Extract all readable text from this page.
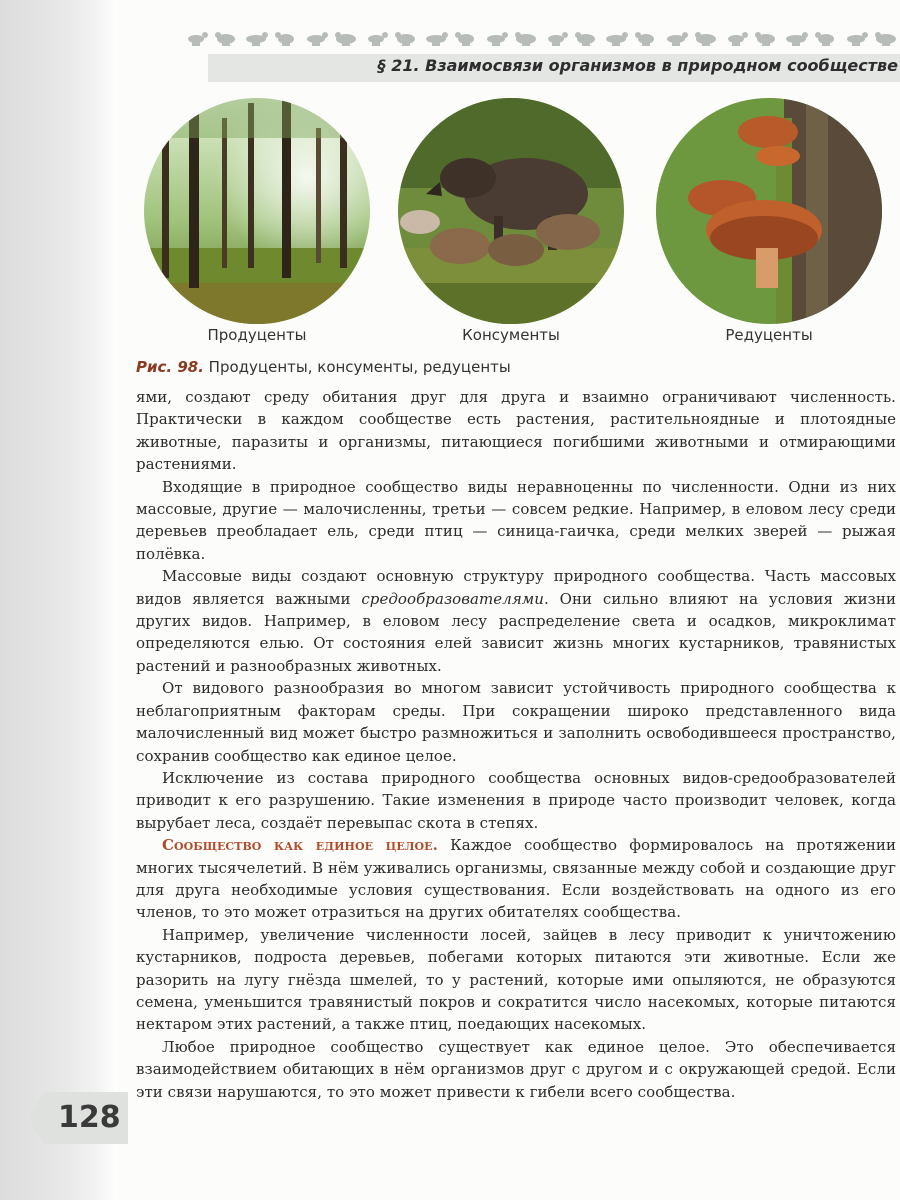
§ 21. Взаимосвязи организмов в природном сообществе
Продуценты	Консументы	Редуценты
Рис. 98. Продуценты, консументы, редуценты

ями, создают среду обитания друг для друга и взаимно ограничивают численность. Практически в каждом сообществе есть растения, растительноядные и плотоядные животные, паразиты и организмы, питающиеся погибшими животными и отмирающими растениями.

Входящие в природное сообщество виды неравноценны по численности. Одни из них массовые, другие — малочисленны, третьи — совсем редкие. Например, в еловом лесу среди деревьев преобладает ель, среди птиц — синица-гаичка, среди мелких зверей — рыжая полёвка.

Массовые виды создают основную структуру природного сообщества. Часть массовых видов является важными средообразователями. Они сильно влияют на условия жизни других видов. Например, в еловом лесу распределение света и осадков, микроклимат определяются елью. От состояния елей зависит жизнь многих кустарников, травянистых растений и разнообразных животных.

От видового разнообразия во многом зависит устойчивость природного сообщества к неблагоприятным факторам среды. При сокращении широко представленного вида малочисленный вид может быстро размножиться и заполнить освободившееся пространство, сохранив сообщество как единое целое.

Исключение из состава природного сообщества основных видов-средообразователей приводит к его разрушению. Такие изменения в природе часто производит человек, когда вырубает леса, создаёт перевыпас скота в степях.

Сообщество как единое целое. Каждое сообщество формировалось на протяжении многих тысячелетий. В нём уживались организмы, связанные между собой и создающие друг для друга необходимые условия существования. Если воздействовать на одного из его членов, то это может отразиться на других обитателях сообщества.

Например, увеличение численности лосей, зайцев в лесу приводит к уничтожению кустарников, подроста деревьев, побегами которых питаются эти животные. Если же разорить на лугу гнёзда шмелей, то у растений, которые ими опыляются, не образуются семена, уменьшится травянистый покров и сократится число насекомых, которые питаются нектаром этих растений, а также птиц, поедающих насекомых.

Любое природное сообщество существует как единое целое. Это обеспечивается взаимодействием обитающих в нём организмов друг с другом и с окружающей средой. Если эти связи нарушаются, то это может привести к гибели всего сообщества.

128
